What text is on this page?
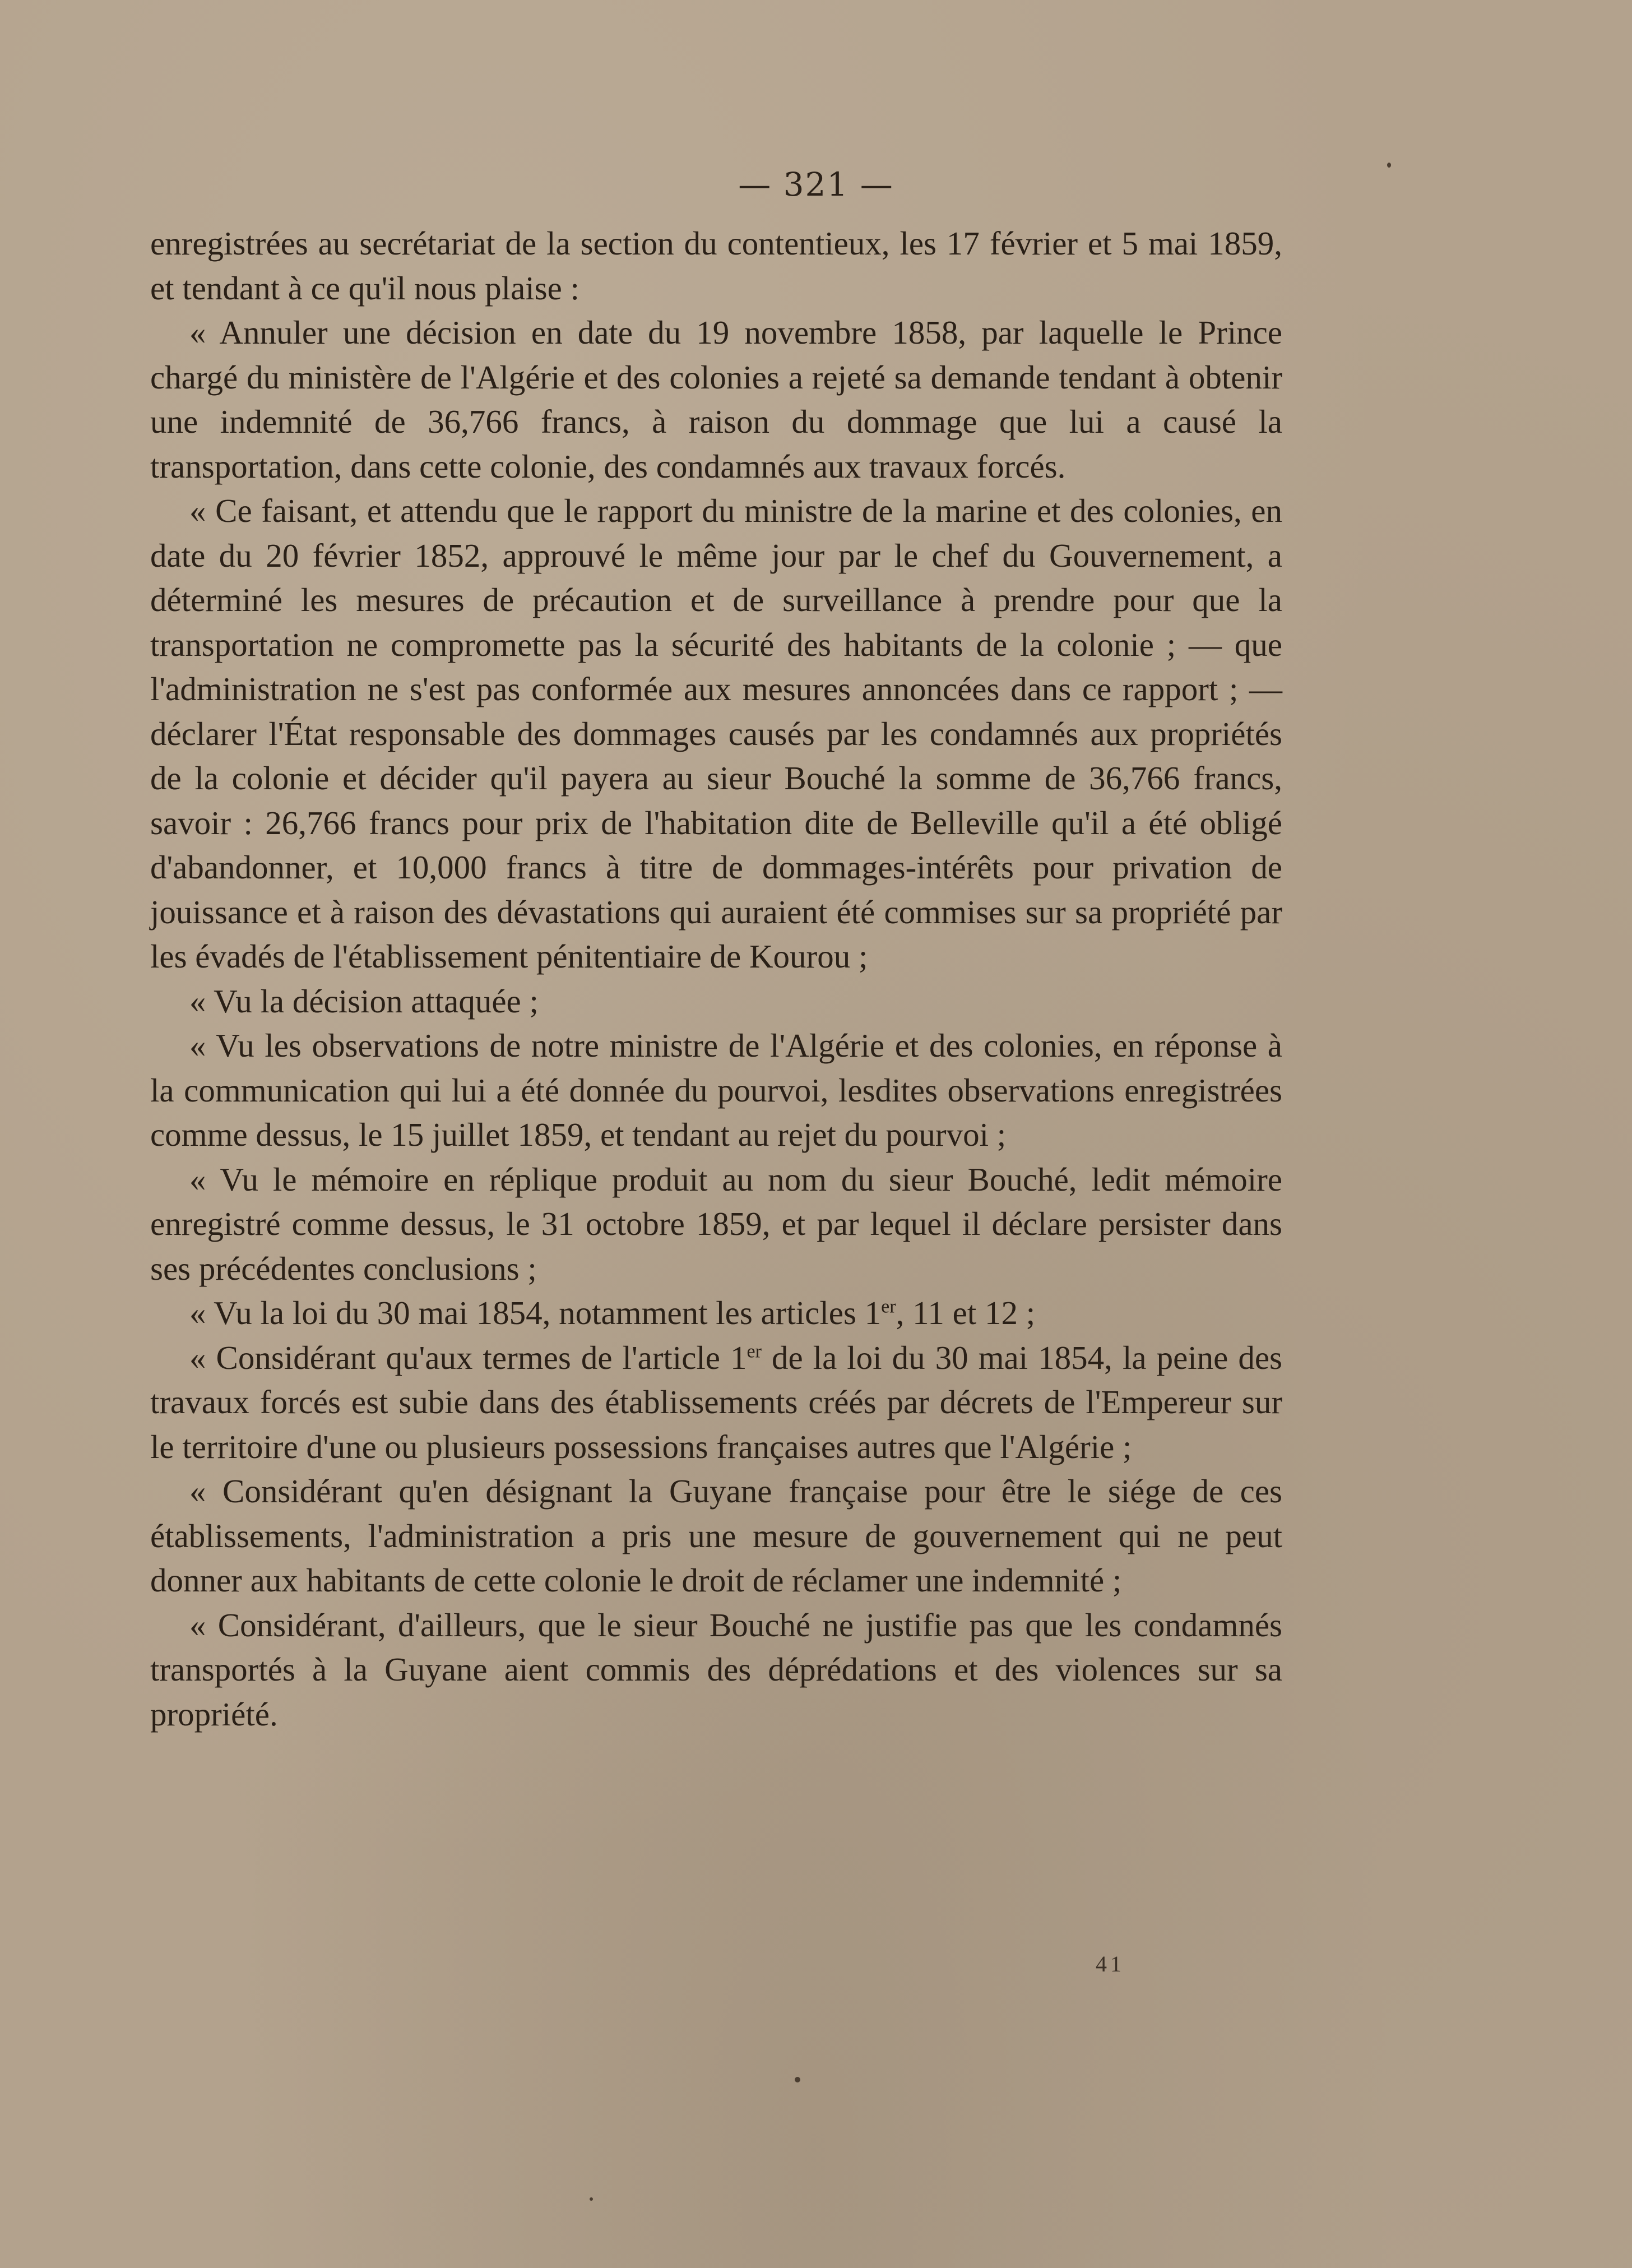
— 321 —

enregistrées au secrétariat de la section du contentieux, les 17 février et 5 mai 1859, et tendant à ce qu'il nous plaise :

« Annuler une décision en date du 19 novembre 1858, par laquelle le Prince chargé du ministère de l'Algérie et des colonies a rejeté sa demande tendant à obtenir une indemnité de 36,766 francs, à raison du dommage que lui a causé la transportation, dans cette colonie, des condamnés aux travaux forcés.

« Ce faisant, et attendu que le rapport du ministre de la marine et des colonies, en date du 20 février 1852, approuvé le même jour par le chef du Gouvernement, a déterminé les mesures de précaution et de surveillance à prendre pour que la transportation ne compromette pas la sécurité des habitants de la colonie ; — que l'administration ne s'est pas conformée aux mesures annoncées dans ce rapport ; — déclarer l'État responsable des dommages causés par les condamnés aux propriétés de la colonie et décider qu'il payera au sieur Bouché la somme de 36,766 francs, savoir : 26,766 francs pour prix de l'habitation dite de Belleville qu'il a été obligé d'abandonner, et 10,000 francs à titre de dommages-intérêts pour privation de jouissance et à raison des dévastations qui auraient été commises sur sa propriété par les évadés de l'établissement pénitentiaire de Kourou ;

« Vu la décision attaquée ;

« Vu les observations de notre ministre de l'Algérie et des colonies, en réponse à la communication qui lui a été donnée du pourvoi, lesdites observations enregistrées comme dessus, le 15 juillet 1859, et tendant au rejet du pourvoi ;

« Vu le mémoire en réplique produit au nom du sieur Bouché, ledit mémoire enregistré comme dessus, le 31 octobre 1859, et par lequel il déclare persister dans ses précédentes conclusions ;

« Vu la loi du 30 mai 1854, notamment les articles 1er, 11 et 12 ;

« Considérant qu'aux termes de l'article 1er de la loi du 30 mai 1854, la peine des travaux forcés est subie dans des établissements créés par décrets de l'Empereur sur le territoire d'une ou plusieurs possessions françaises autres que l'Algérie ;

« Considérant qu'en désignant la Guyane française pour être le siége de ces établissements, l'administration a pris une mesure de gouvernement qui ne peut donner aux habitants de cette colonie le droit de réclamer une indemnité ;

« Considérant, d'ailleurs, que le sieur Bouché ne justifie pas que les condamnés transportés à la Guyane aient commis des déprédations et des violences sur sa propriété.

41
